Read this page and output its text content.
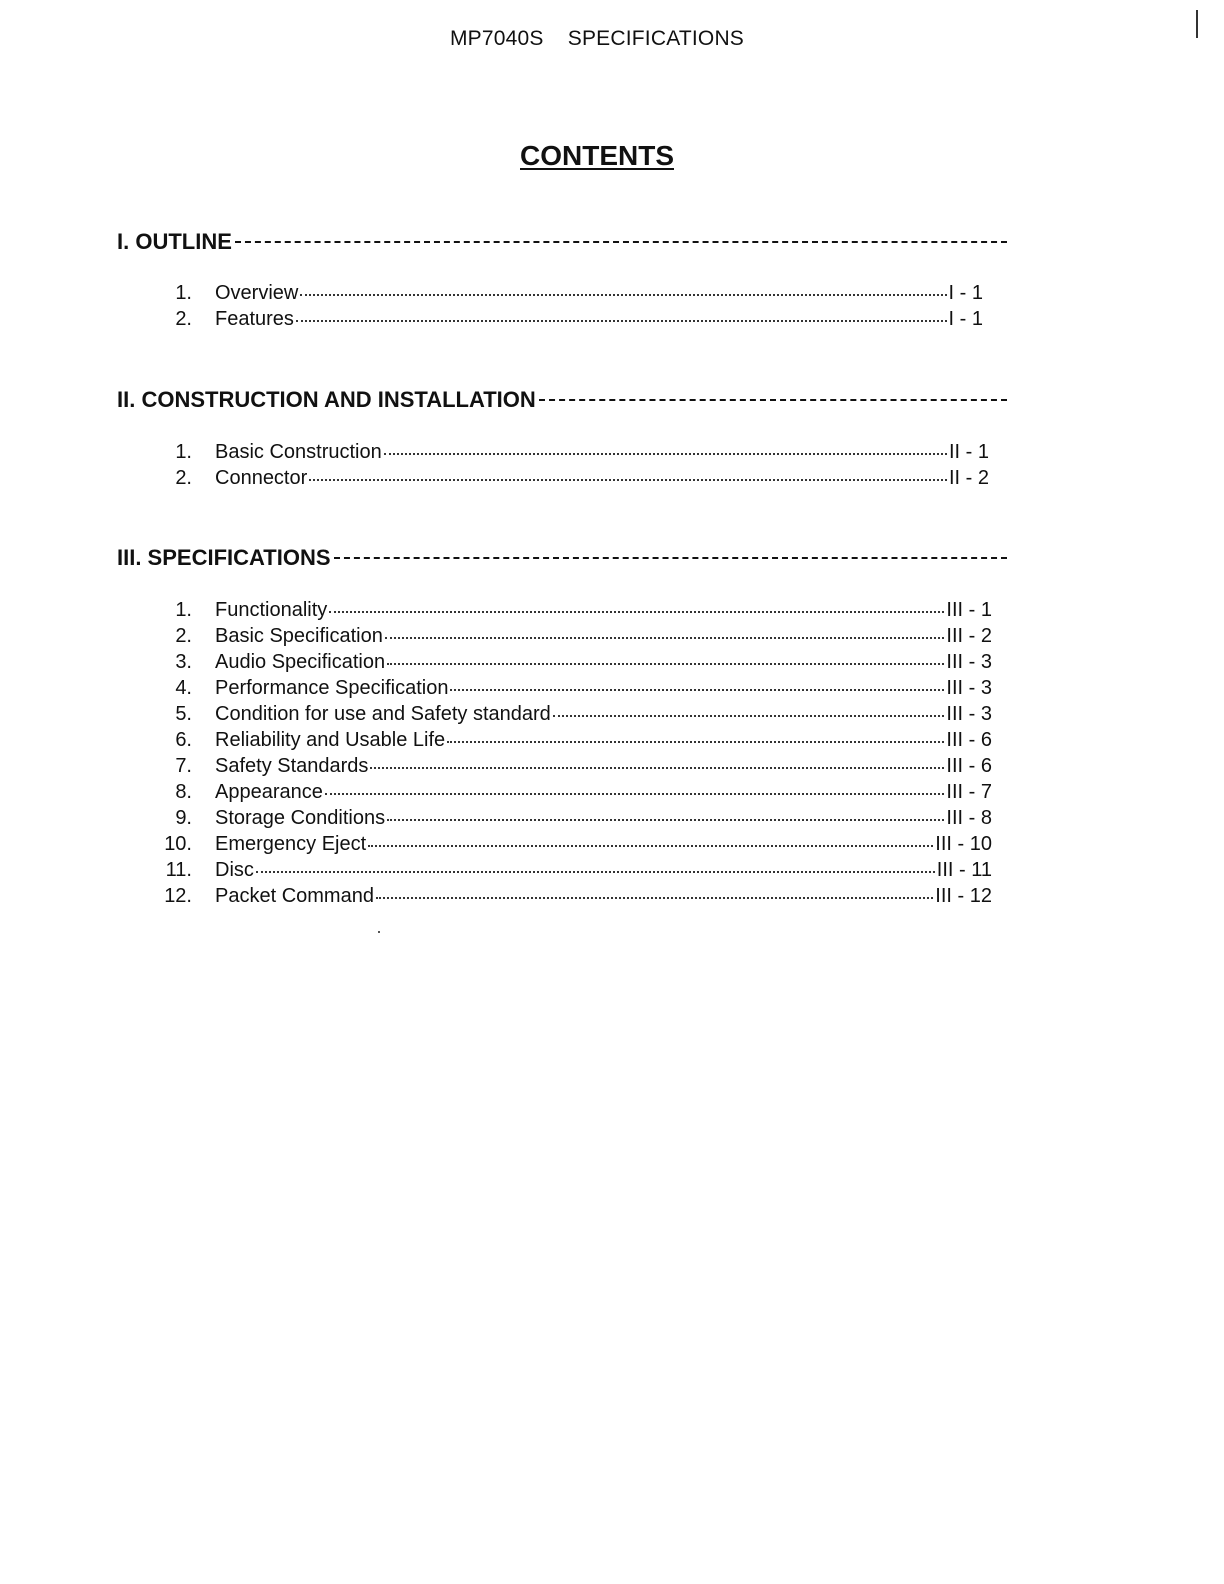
MP7040S    SPECIFICATIONS
CONTENTS
I. OUTLINE
1. Overview	I - 1
2. Features	I - 1
II. CONSTRUCTION AND INSTALLATION
1. Basic Construction	II - 1
2. Connector	II - 2
III. SPECIFICATIONS
1. Functionality	III - 1
2. Basic Specification	III - 2
3. Audio Specification	III - 3
4. Performance Specification	III - 3
5. Condition for use and Safety standard	III - 3
6. Reliability and Usable Life	III - 6
7. Safety Standards	III - 6
8. Appearance	III - 7
9. Storage Conditions	III - 8
10. Emergency Eject	III - 10
11. Disc	III - 11
12. Packet Command	III - 12
